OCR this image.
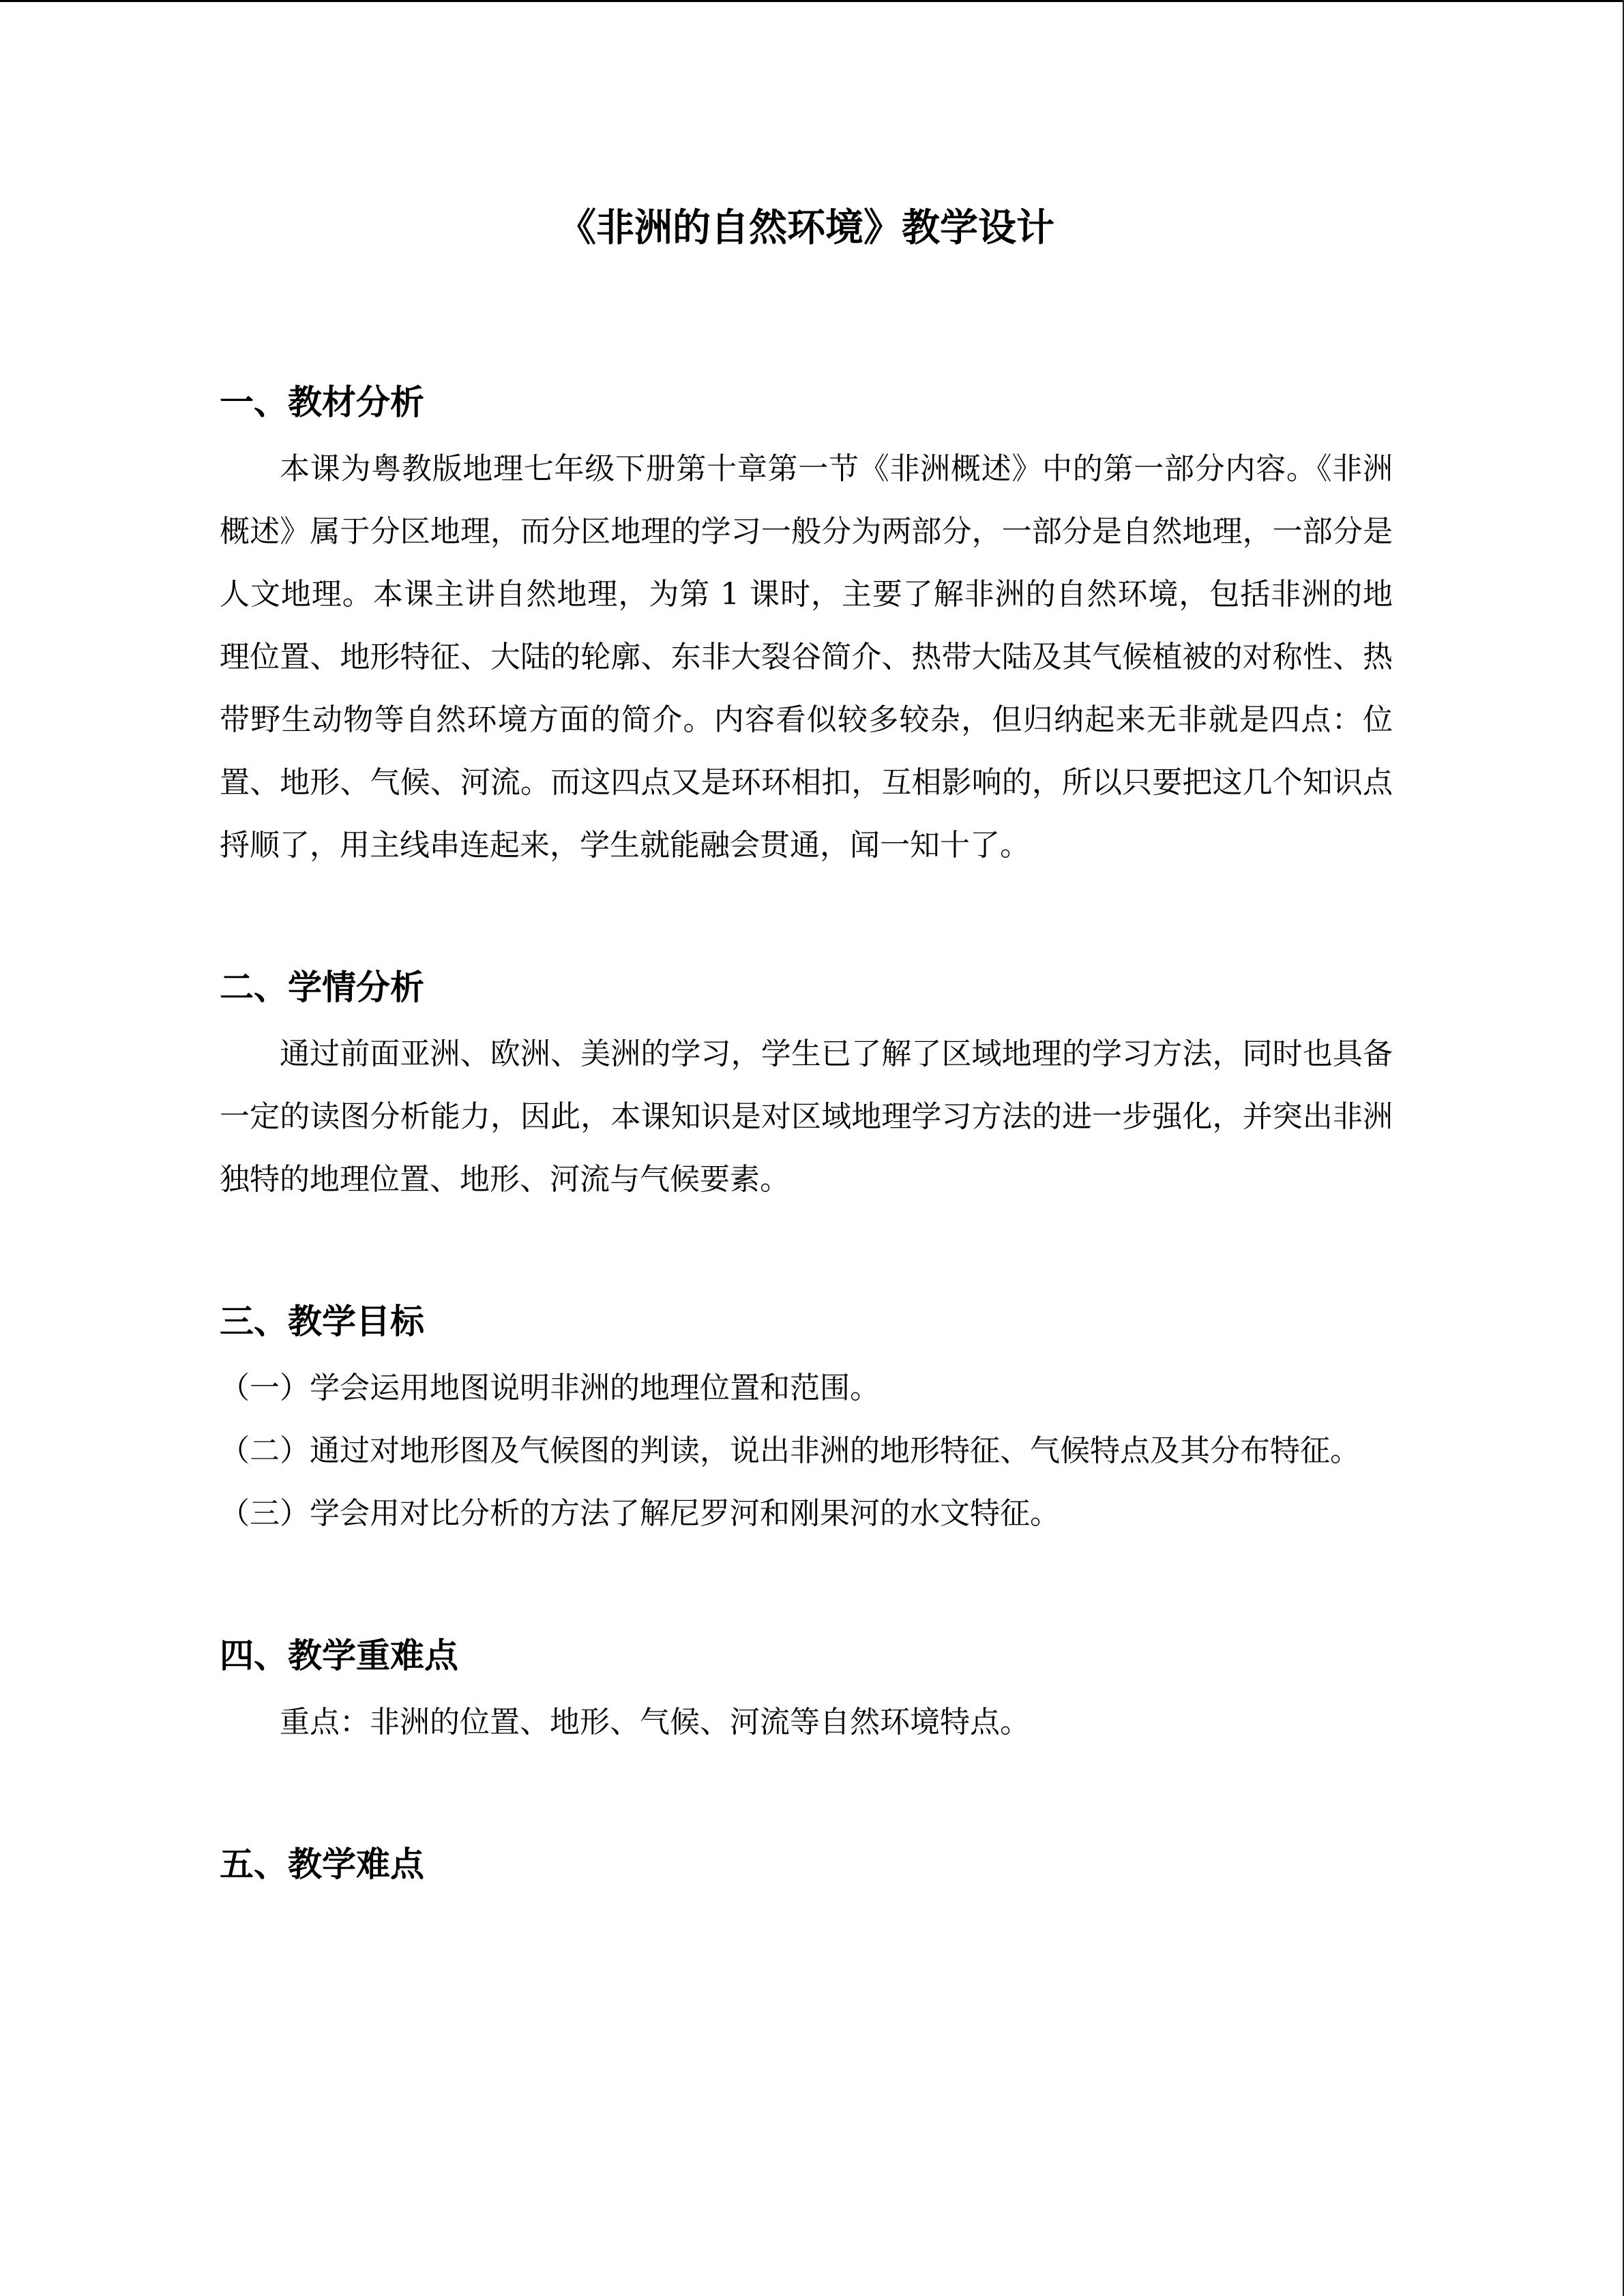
《非洲的自然环境》教学设计
一、教材分析

本课为粤教版地理七年级下册第十章第一节《非洲概述》中的第一部分内容。《非洲概述》属于分区地理，而分区地理的学习一般分为两部分，一部分是自然地理，一部分是人文地理。本课主讲自然地理，为第 1 课时，主要了解非洲的自然环境，包括非洲的地理位置、地形特征、大陆的轮廓、东非大裂谷简介、热带大陆及其气候植被的对称性、热带野生动物等自然环境方面的简介。内容看似较多较杂，但归纳起来无非就是四点：位置、地形、气候、河流。而这四点又是环环相扣，互相影响的，所以只要把这几个知识点捋顺了，用主线串连起来，学生就能融会贯通，闻一知十了。

二、学情分析

通过前面亚洲、欧洲、美洲的学习，学生已了解了区域地理的学习方法，同时也具备一定的读图分析能力，因此，本课知识是对区域地理学习方法的进一步强化，并突出非洲独特的地理位置、地形、河流与气候要素。

三、教学目标
（一）学会运用地图说明非洲的地理位置和范围。
（二）通过对地形图及气候图的判读，说出非洲的地形特征、气候特点及其分布特征。
（三）学会用对比分析的方法了解尼罗河和刚果河的水文特征。
四、教学重难点

重点：非洲的位置、地形、气候、河流等自然环境特点。

五、教学难点
